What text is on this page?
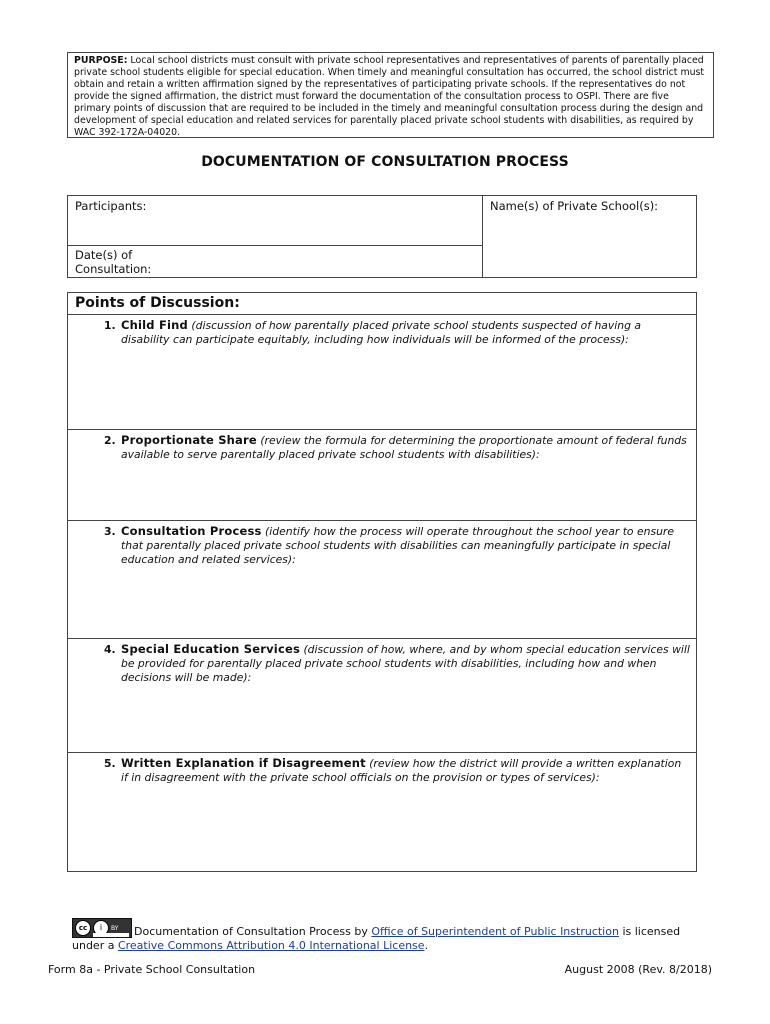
PURPOSE: Local school districts must consult with private school representatives and representatives of parents of parentally placed private school students eligible for special education. When timely and meaningful consultation has occurred, the school district must obtain and retain a written affirmation signed by the representatives of participating private schools. If the representatives do not provide the signed affirmation, the district must forward the documentation of the consultation process to OSPI. There are five primary points of discussion that are required to be included in the timely and meaningful consultation process during the design and development of special education and related services for parentally placed private school students with disabilities, as required by WAC 392-172A-04020.
DOCUMENTATION OF CONSULTATION PROCESS
Participants:
Date(s) of Consultation:
Name(s) of Private School(s):
Points of Discussion:
1. Child Find (discussion of how parentally placed private school students suspected of having a disability can participate equitably, including how individuals will be informed of the process):
2. Proportionate Share (review the formula for determining the proportionate amount of federal funds available to serve parentally placed private school students with disabilities):
3. Consultation Process (identify how the process will operate throughout the school year to ensure that parentally placed private school students with disabilities can meaningfully participate in special education and related services):
4. Special Education Services (discussion of how, where, and by whom special education services will be provided for parentally placed private school students with disabilities, including how and when decisions will be made):
5. Written Explanation if Disagreement (review how the district will provide a written explanation if in disagreement with the private school officials on the provision or types of services):
cc	i	BY Documentation of Consultation Process by Office of Superintendent of Public Instruction is licensed under a Creative Commons Attribution 4.0 International License.
Form 8a - Private School Consultation	August 2008 (Rev. 8/2018)
